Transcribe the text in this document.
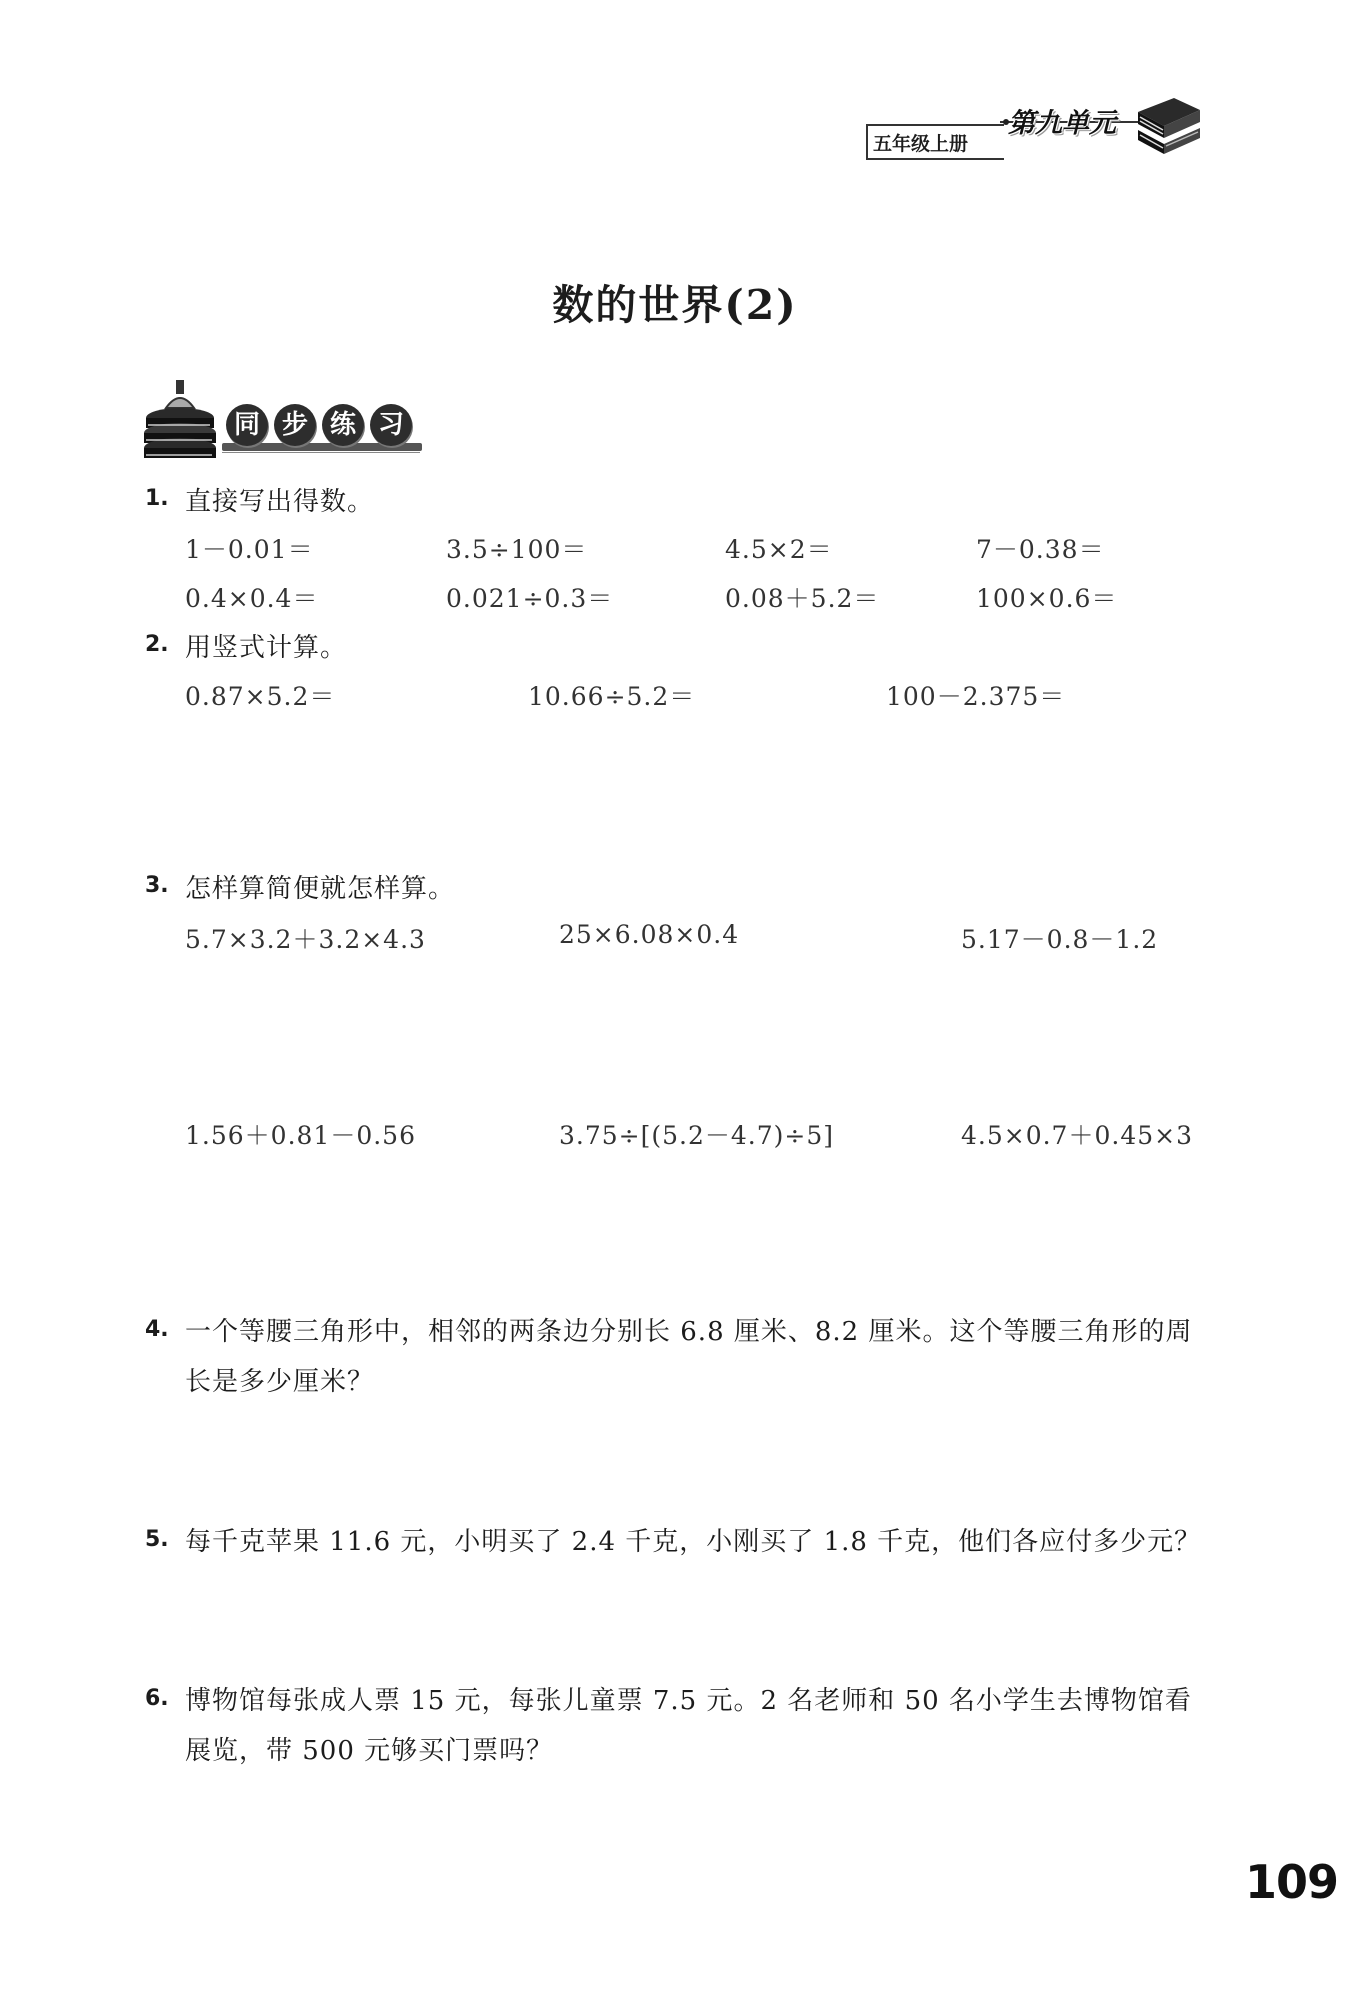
五年级上册
第九单元
数的世界(2)
同 步 练 习
1. 直接写出得数。
1－0.01＝	3.5÷100＝	4.5×2＝	7－0.38＝
0.4×0.4＝	0.021÷0.3＝	0.08＋5.2＝	100×0.6＝
2. 用竖式计算。
0.87×5.2＝	10.66÷5.2＝	100－2.375＝
3. 怎样算简便就怎样算。
5.7×3.2＋3.2×4.3	25×6.08×0.4	5.17－0.8－1.2
1.56＋0.81－0.56	3.75÷[(5.2－4.7)÷5]	4.5×0.7＋0.45×3
4. 一个等腰三角形中，相邻的两条边分别长 6.8 厘米、8.2 厘米。这个等腰三角形的周
长是多少厘米？
5. 每千克苹果 11.6 元，小明买了 2.4 千克，小刚买了 1.8 千克，他们各应付多少元？
6. 博物馆每张成人票 15 元，每张儿童票 7.5 元。2 名老师和 50 名小学生去博物馆看
展览，带 500 元够买门票吗？
109
